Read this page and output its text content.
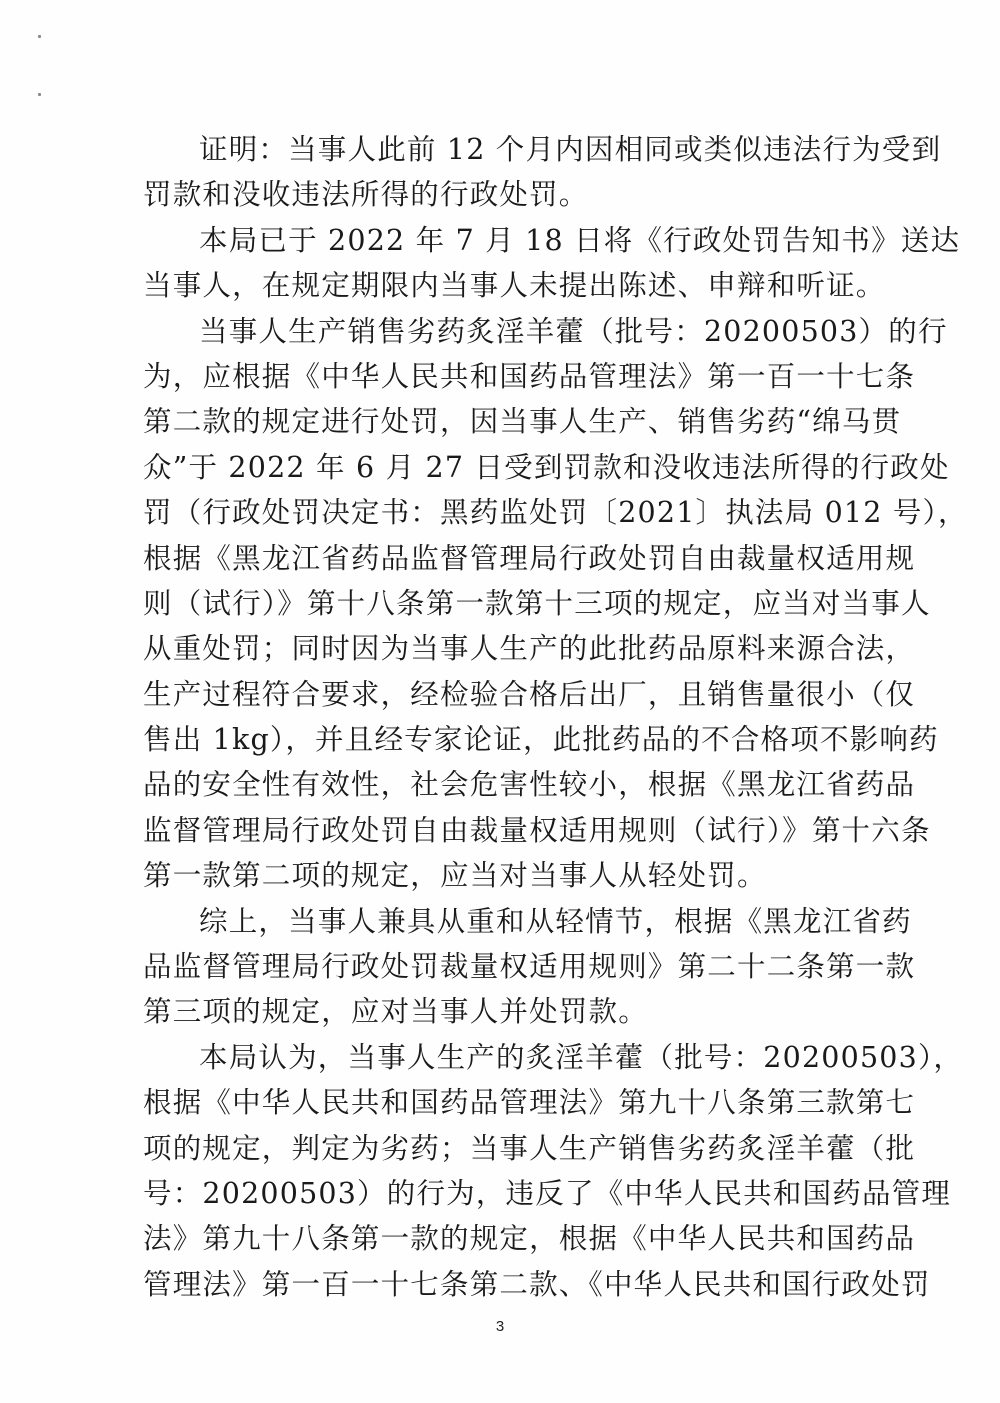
证明：当事人此前 12 个月内因相同或类似违法行为受到
罚款和没收违法所得的行政处罚。
本局已于 2022 年 7 月 18 日将《行政处罚告知书》送达
当事人，在规定期限内当事人未提出陈述、申辩和听证。
当事人生产销售劣药炙淫羊藿（批号：20200503）的行
为，应根据《中华人民共和国药品管理法》第一百一十七条
第二款的规定进行处罚，因当事人生产、销售劣药“绵马贯
众”于 2022 年 6 月 27 日受到罚款和没收违法所得的行政处
罚（行政处罚决定书：黑药监处罚〔2021〕执法局 012 号），
根据《黑龙江省药品监督管理局行政处罚自由裁量权适用规
则（试行）》第十八条第一款第十三项的规定，应当对当事人
从重处罚；同时因为当事人生产的此批药品原料来源合法，
生产过程符合要求，经检验合格后出厂，且销售量很小（仅
售出 1kg），并且经专家论证，此批药品的不合格项不影响药
品的安全性有效性，社会危害性较小，根据《黑龙江省药品
监督管理局行政处罚自由裁量权适用规则（试行）》第十六条
第一款第二项的规定，应当对当事人从轻处罚。
综上，当事人兼具从重和从轻情节，根据《黑龙江省药
品监督管理局行政处罚裁量权适用规则》第二十二条第一款
第三项的规定，应对当事人并处罚款。
本局认为，当事人生产的炙淫羊藿（批号：20200503），
根据《中华人民共和国药品管理法》第九十八条第三款第七
项的规定，判定为劣药；当事人生产销售劣药炙淫羊藿（批
号：20200503）的行为，违反了《中华人民共和国药品管理
法》第九十八条第一款的规定，根据《中华人民共和国药品
管理法》第一百一十七条第二款、《中华人民共和国行政处罚
3
